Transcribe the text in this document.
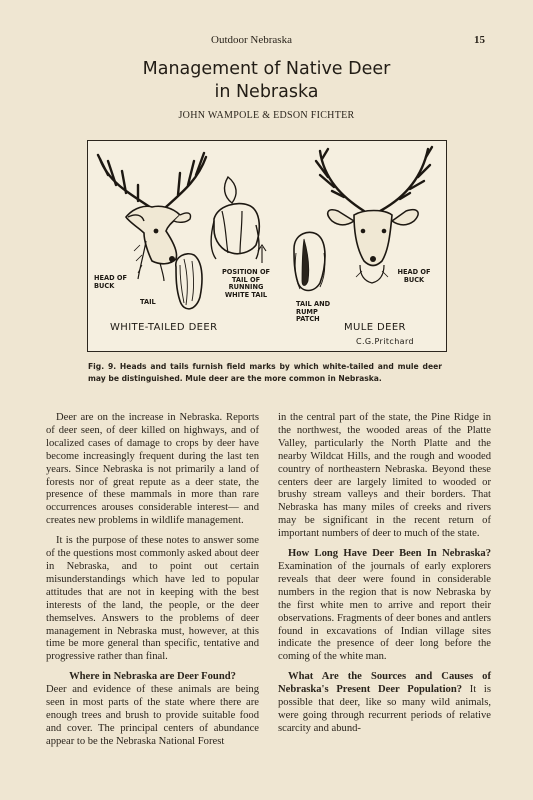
Outdoor Nebraska	15
Management of Native Deer
in Nebraska
JOHN WAMPOLE & EDSON FICHTER
HEAD OF BUCK
TAIL
POSITION OF TAIL OF RUNNING WHITE TAIL
TAIL AND RUMP PATCH
HEAD OF BUCK
WHITE-TAILED DEER	MULE DEER
C.G.Pritchard
Fig. 9. Heads and tails furnish field marks by which white-tailed and mule deer may be distinguished. Mule deer are the more common in Nebraska.

Deer are on the increase in Nebraska. Reports of deer seen, of deer killed on highways, and of localized cases of damage to crops by deer have become increasingly frequent during the last ten years. Since Nebraska is not primarily a land of forests nor of great repute as a deer state, the presence of these mammals in more than rare occurrences arouses considerable interest— and creates new problems in wildlife management.

It is the purpose of these notes to answer some of the questions most commonly asked about deer in Nebraska, and to point out certain misunderstandings which have led to popular attitudes that are not in keeping with the best interests of the land, the people, or the deer themselves. Answers to the problems of deer management in Nebraska must, however, at this time be more general than specific, tentative and progressive rather than final.

Where in Nebraska are Deer Found?

Deer and evidence of these animals are being seen in most parts of the state where there are enough trees and brush to provide suitable food and cover. The principal centers of abundance appear to be the Nebraska National Forest

in the central part of the state, the Pine Ridge in the northwest, the wooded areas of the Platte Valley, particularly the North Platte and the nearby Wildcat Hills, and the rough and wooded country of northeastern Nebraska. Beyond these centers deer are largely limited to wooded or brushy stream valleys and their borders. That Nebraska has many miles of creeks and rivers may be significant in the recent return of important numbers of deer to much of the state.

How Long Have Deer Been In Nebraska? Examination of the journals of early explorers reveals that deer were found in considerable numbers in the region that is now Nebraska by the first white men to arrive and report their observations. Fragments of deer bones and antlers found in excavations of Indian village sites indicate the presence of deer long before the coming of the white man.

What Are the Sources and Causes of Nebraska's Present Deer Population? It is possible that deer, like so many wild animals, were going through recurrent periods of relative scarcity and abund-
